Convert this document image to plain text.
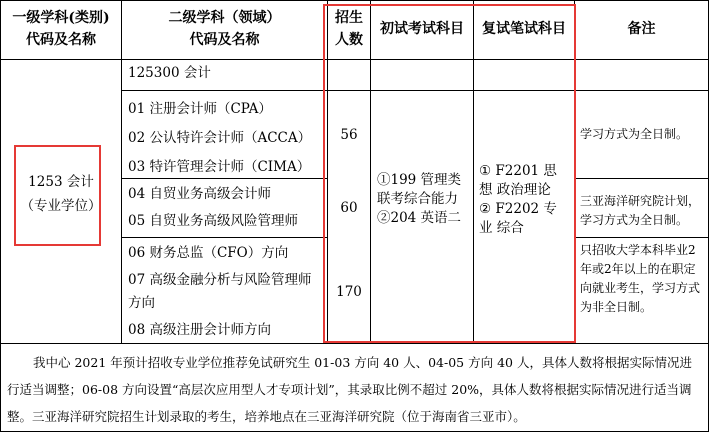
一级学科(类别)
代码及名称
二级学科（领域）
代码及名称
招生
人数
初试考试科目	复试笔试科目	备注
1253 会计
（专业学位）
125300 会计
01 注册会计师（CPA）
02 公认特许会计师（ACCA）
03 特许管理会计师（CIMA）
04 自贸业务高级会计师
05 自贸业务高级风险管理师
06 财务总监（CFO）方向
07 高级金融分析与风险管理师方向
08 高级注册会计师方向
56
60
170
①199 管理类联考综合能力
②204 英语二
① F2201 思 想 政治理论
② F2202 专 业 综合
学习方式为全日制。
三亚海洋研究院计划，学习方式为全日制。
只招收大学本科毕业2年或2年以上的在职定向就业考生，学习方式为非全日制。
我中心 2021 年预计招收专业学位推荐免试研究生 01-03 方向 40 人、04-05 方向 40 人，具体人数将根据实际情况进行适当调整；06-08 方向设置“高层次应用型人才专项计划”，其录取比例不超过 20%，具体人数将根据实际情况进行适当调整。三亚海洋研究院招生计划录取的考生，培养地点在三亚海洋研究院（位于海南省三亚市）。
